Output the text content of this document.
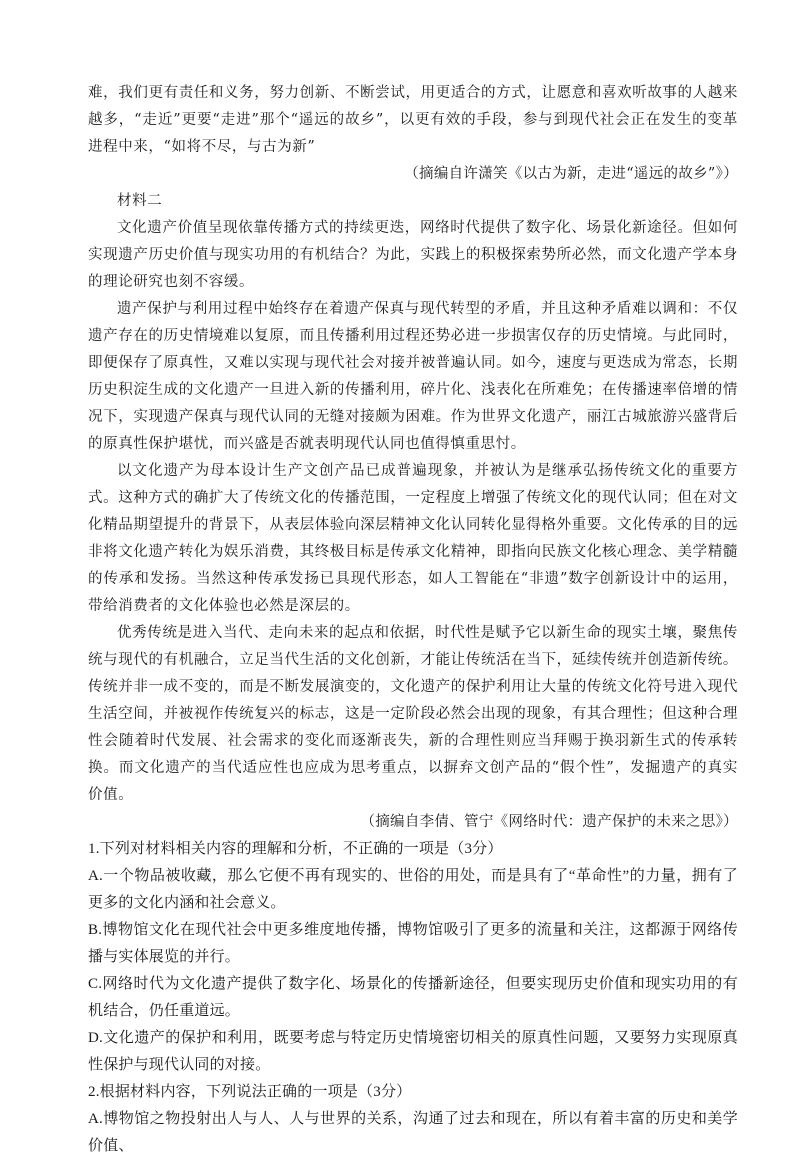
难，我们更有责任和义务，努力创新、不断尝试，用更适合的方式，让愿意和喜欢听故事的人越来越多，“走近”更要“走进”那个“遥远的故乡”，以更有效的手段，参与到现代社会正在发生的变革进程中来，“如将不尽，与古为新”

（摘编自许潇笑《以古为新，走进“遥远的故乡”》）

材料二

文化遗产价值呈现依靠传播方式的持续更迭，网络时代提供了数字化、场景化新途径。但如何实现遗产历史价值与现实功用的有机结合？为此，实践上的积极探索势所必然，而文化遗产学本身的理论研究也刻不容缓。

遗产保护与利用过程中始终存在着遗产保真与现代转型的矛盾，并且这种矛盾难以调和：不仅遗产存在的历史情境难以复原，而且传播利用过程还势必进一步损害仅存的历史情境。与此同时，即便保存了原真性，又难以实现与现代社会对接并被普遍认同。如今，速度与更迭成为常态，长期历史积淀生成的文化遗产一旦进入新的传播利用，碎片化、浅表化在所难免；在传播速率倍增的情况下，实现遗产保真与现代认同的无缝对接颇为困难。作为世界文化遗产，丽江古城旅游兴盛背后的原真性保护堪忧，而兴盛是否就表明现代认同也值得慎重思忖。

以文化遗产为母本设计生产文创产品已成普遍现象，并被认为是继承弘扬传统文化的重要方式。这种方式的确扩大了传统文化的传播范围，一定程度上增强了传统文化的现代认同；但在对文化精品期望提升的背景下，从表层体验向深层精神文化认同转化显得格外重要。文化传承的目的远非将文化遗产转化为娱乐消费，其终极目标是传承文化精神，即指向民族文化核心理念、美学精髓的传承和发扬。当然这种传承发扬已具现代形态，如人工智能在“非遗”数字创新设计中的运用，带给消费者的文化体验也必然是深层的。

优秀传统是进入当代、走向未来的起点和依据，时代性是赋予它以新生命的现实土壤，聚焦传统与现代的有机融合，立足当代生活的文化创新，才能让传统活在当下，延续传统并创造新传统。传统并非一成不变的，而是不断发展演变的，文化遗产的保护利用让大量的传统文化符号进入现代生活空间，并被视作传统复兴的标志，这是一定阶段必然会出现的现象，有其合理性；但这种合理性会随着时代发展、社会需求的变化而逐渐丧失，新的合理性则应当拜赐于换羽新生式的传承转换。而文化遗产的当代适应性也应成为思考重点，以摒弃文创产品的“假个性”，发掘遗产的真实价值。

（摘编自李倩、管宁《网络时代：遗产保护的未来之思》）

1.下列对材料相关内容的理解和分析，不正确的一项是（3分）

A.一个物品被收藏，那么它便不再有现实的、世俗的用处，而是具有了“革命性”的力量，拥有了更多的文化内涵和社会意义。

B.博物馆文化在现代社会中更多维度地传播，博物馆吸引了更多的流量和关注，这都源于网络传播与实体展览的并行。

C.网络时代为文化遗产提供了数字化、场景化的传播新途径，但要实现历史价值和现实功用的有机结合，仍任重道远。

D.文化遗产的保护和利用，既要考虑与特定历史情境密切相关的原真性问题，又要努力实现原真性保护与现代认同的对接。

2.根据材料内容，下列说法正确的一项是（3分）

A.博物馆之物投射出人与人、人与世界的关系，沟通了过去和现在，所以有着丰富的历史和美学价值、
